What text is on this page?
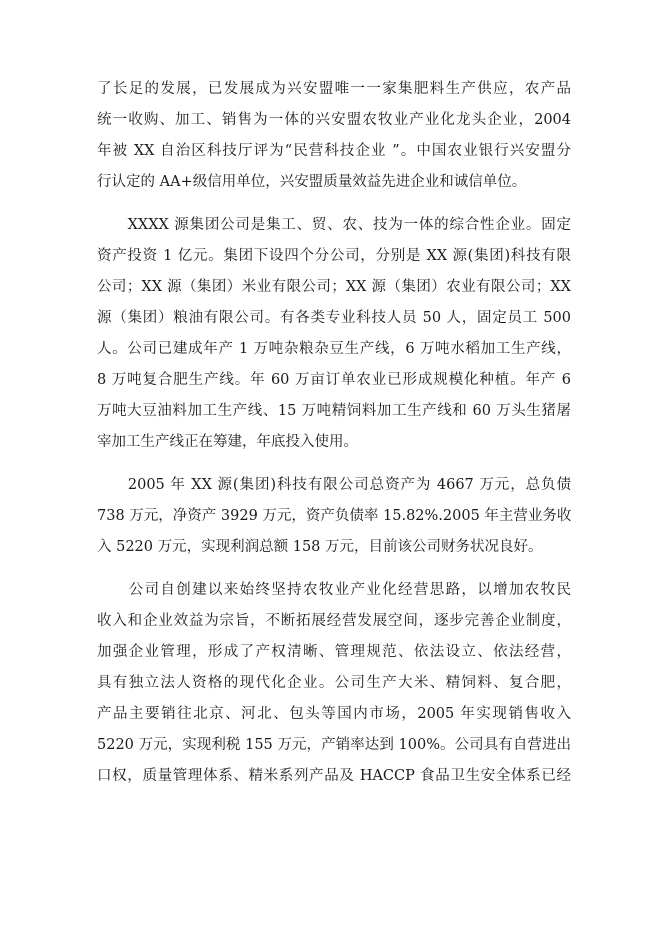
了长足的发展，已发展成为兴安盟唯一一家集肥料生产供应，农产品
统一收购、加工、销售为一体的兴安盟农牧业产业化龙头企业，2004
年被 XX 自治区科技厅评为“民营科技企业 ”。中国农业银行兴安盟分
行认定的 AA+级信用单位，兴安盟质量效益先进企业和诚信单位。

　　XXXX 源集团公司是集工、贸、农、技为一体的综合性企业。固定
资产投资 1 亿元。集团下设四个分公司，分别是 XX 源(集团)科技有限
公司；XX 源（集团）米业有限公司；XX 源（集团）农业有限公司；XX
源（集团）粮油有限公司。有各类专业科技人员 50 人，固定员工 500
人。公司已建成年产 1 万吨杂粮杂豆生产线，6 万吨水稻加工生产线，
8 万吨复合肥生产线。年 60 万亩订单农业已形成规模化种植。年产 6
万吨大豆油料加工生产线、15 万吨精饲料加工生产线和 60 万头生猪屠
宰加工生产线正在筹建，年底投入使用。

　　2005 年 XX 源(集团)科技有限公司总资产为 4667 万元，总负债
738 万元，净资产 3929 万元，资产负债率 15.82%.2005 年主营业务收
入 5220 万元，实现利润总额 158 万元，目前该公司财务状况良好。

　　公司自创建以来始终坚持农牧业产业化经营思路，以增加农牧民
收入和企业效益为宗旨，不断拓展经营发展空间，逐步完善企业制度，
加强企业管理，形成了产权清晰、管理规范、依法设立、依法经营，
具有独立法人资格的现代化企业。公司生产大米、精饲料、复合肥，
产品主要销往北京、河北、包头等国内市场，2005 年实现销售收入
5220 万元，实现利税 155 万元，产销率达到 100%。公司具有自营进出
口权，质量管理体系、精米系列产品及 HACCP 食品卫生安全体系已经
